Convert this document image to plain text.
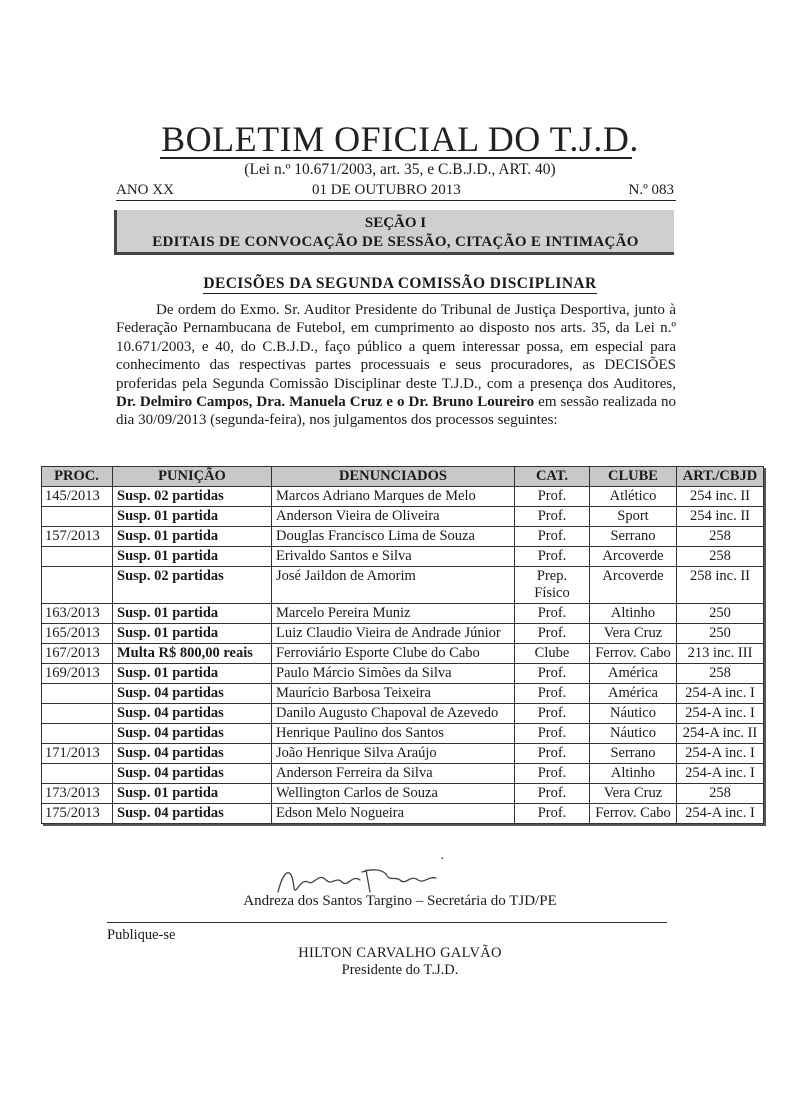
BOLETIM OFICIAL DO T.J.D.
(Lei n.º 10.671/2003, art. 35, e C.B.J.D., ART. 40)
ANO XX	01 DE OUTUBRO 2013	N.º 083
SEÇÃO I
EDITAIS DE CONVOCAÇÃO DE SESSÃO, CITAÇÃO E INTIMAÇÃO
DECISÕES DA SEGUNDA COMISSÃO DISCIPLINAR
De ordem do Exmo. Sr. Auditor Presidente do Tribunal de Justiça Desportiva, junto à Federação Pernambucana de Futebol, em cumprimento ao disposto nos arts. 35, da Lei n.º 10.671/2003, e 40, do C.B.J.D., faço público a quem interessar possa, em especial para conhecimento das respectivas partes processuais e seus procuradores, as DECISÕES proferidas pela Segunda Comissão Disciplinar deste T.J.D., com a presença dos Auditores, Dr. Delmiro Campos, Dra. Manuela Cruz e o Dr. Bruno Loureiro em sessão realizada no dia 30/09/2013 (segunda-feira), nos julgamentos dos processos seguintes:
PROC.	PUNIÇÃO	DENUNCIADOS	CAT.	CLUBE	ART./CBJD
145/2013	Susp. 02 partidas	Marcos Adriano Marques de Melo	Prof.	Atlético	254 inc. II
	Susp. 01 partida	Anderson Vieira de Oliveira	Prof.	Sport	254 inc. II
157/2013	Susp. 01 partida	Douglas Francisco Lima de Souza	Prof.	Serrano	258
	Susp. 01 partida	Erivaldo Santos e Silva	Prof.	Arcoverde	258
	Susp. 02 partidas	José Jaildon de Amorim	Prep. Físico	Arcoverde	258 inc. II
163/2013	Susp. 01 partida	Marcelo Pereira Muniz	Prof.	Altinho	250
165/2013	Susp. 01 partida	Luiz Claudio Vieira de Andrade Júnior	Prof.	Vera Cruz	250
167/2013	Multa R$ 800,00 reais	Ferroviário Esporte Clube do Cabo	Clube	Ferrov. Cabo	213 inc. III
169/2013	Susp. 01 partida	Paulo Márcio Simões da Silva	Prof.	América	258
	Susp. 04 partidas	Maurício Barbosa Teixeira	Prof.	América	254-A inc. I
	Susp. 04 partidas	Danilo Augusto Chapoval de Azevedo	Prof.	Náutico	254-A inc. I
	Susp. 04 partidas	Henrique Paulino dos Santos	Prof.	Náutico	254-A inc. II
171/2013	Susp. 04 partidas	João Henrique Silva Araújo	Prof.	Serrano	254-A inc. I
	Susp. 04 partidas	Anderson Ferreira da Silva	Prof.	Altinho	254-A inc. I
173/2013	Susp. 01 partida	Wellington Carlos de Souza	Prof.	Vera Cruz	258
175/2013	Susp. 04 partidas	Edson Melo Nogueira	Prof.	Ferrov. Cabo	254-A inc. I
·
Andreza dos Santos Targino – Secretária do TJD/PE
Publique-se
HILTON CARVALHO GALVÃO
Presidente do T.J.D.
